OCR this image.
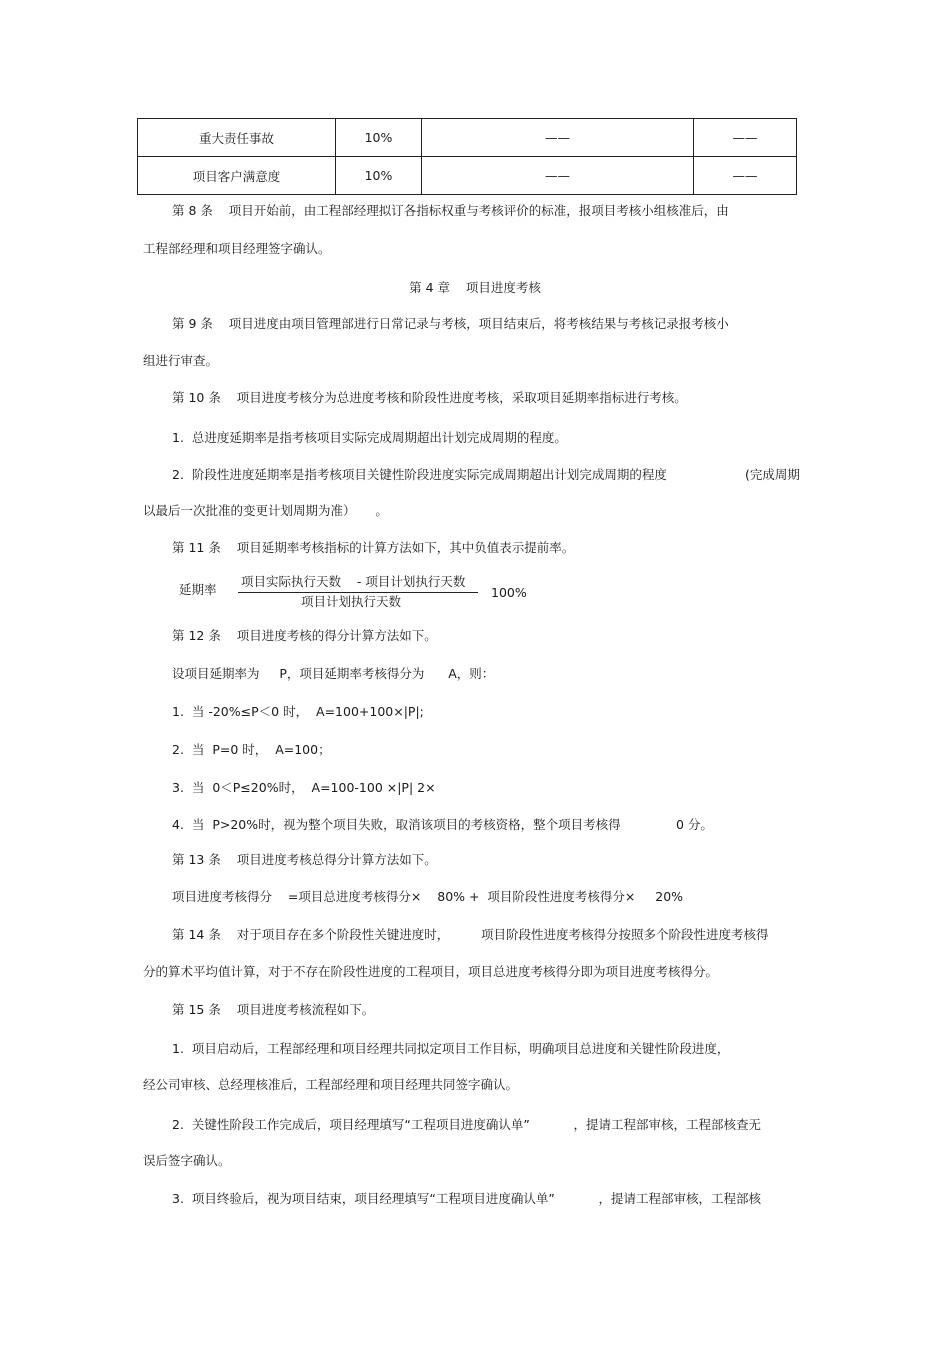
重大责任事故	10%	——	——
项目客户满意度	10%	——	——
第 8 条    项目开始前，由工程部经理拟订各指标权重与考核评价的标准，报项目考核小组核准后，由
工程部经理和项目经理签字确认。
第 4 章    项目进度考核
第 9 条    项目进度由项目管理部进行日常记录与考核，项目结束后，将考核结果与考核记录报考核小
组进行审查。
第 10 条    项目进度考核分为总进度考核和阶段性进度考核，采取项目延期率指标进行考核。
1.  总进度延期率是指考核项目实际完成周期超出计划完成周期的程度。
2.  阶段性进度延期率是指考核项目关键性阶段进度实际完成周期超出计划完成周期的程度	(完成周期
以最后一次批准的变更计划周期为准）     。
第 11 条    项目延期率考核指标的计算方法如下，其中负值表示提前率。
延期率
项目实际执行天数    - 项目计划执行天数
项目计划执行天数
100%
第 12 条    项目进度考核的得分计算方法如下。
设项目延期率为     P，项目延期率考核得分为      A，则：
1.  当 -20%≤P＜0 时，  A=100+100×|P|;
2.  当  P=0 时，  A=100；
3.  当  0＜P≤20%时，  A=100-100 ×|P| 2×
4.  当  P>20%时，视为整个项目失败，取消该项目的考核资格，整个项目考核得	0 分。
第 13 条    项目进度考核总得分计算方法如下。
项目进度考核得分    =项目总进度考核得分×    80% +  项目阶段性进度考核得分×     20%
第 14 条    对于项目存在多个阶段性关键进度时，        项目阶段性进度考核得分按照多个阶段性进度考核得
分的算术平均值计算，对于不存在阶段性进度的工程项目，项目总进度考核得分即为项目进度考核得分。
第 15 条    项目进度考核流程如下。
1.  项目启动后，工程部经理和项目经理共同拟定项目工作目标，明确项目总进度和关键性阶段进度，
经公司审核、总经理核准后，工程部经理和项目经理共同签字确认。
2.  关键性阶段工作完成后，项目经理填写“工程项目进度确认单”           ，提请工程部审核，工程部核查无
误后签字确认。
3.  项目终验后，视为项目结束，项目经理填写“工程项目进度确认单”           ，提请工程部审核，工程部核
